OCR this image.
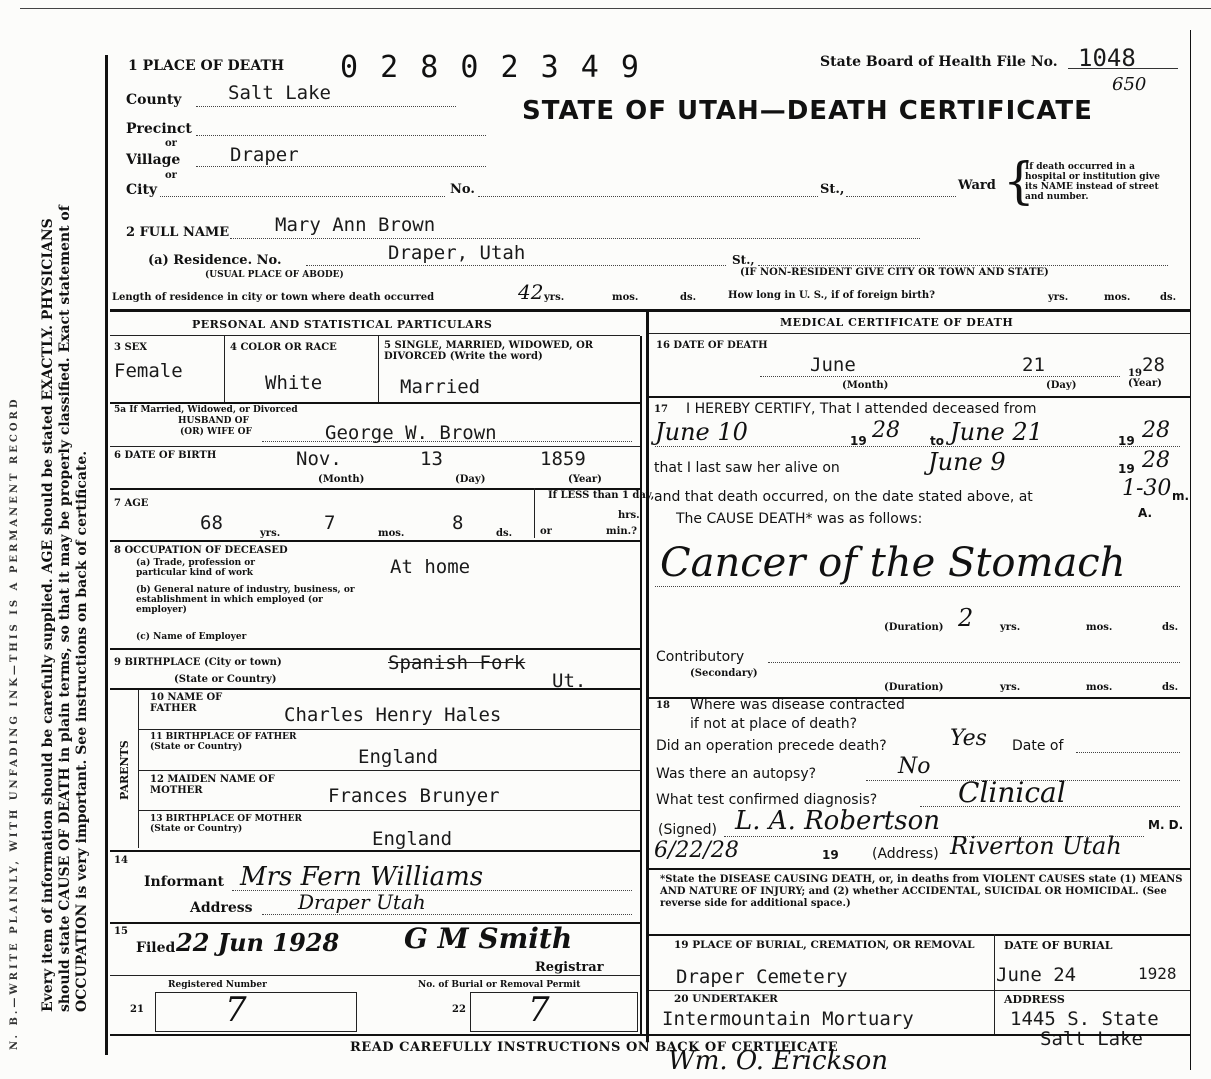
N. B.—WRITE PLAINLY, WITH UNFADING INK—THIS IS A PERMANENT RECORD Every item of information should be carefully supplied. AGE should be stated EXACTLY. PHYSICIANS should state CAUSE OF DEATH in plain terms, so that it may be properly classified. Exact statement of OCCUPATION is very important. See instructions on back of certificate.
1 PLACE OF DEATH 0 2 8 0 2 3 4 9	State Board of Health File No. 1048
650
STATE OF UTAH—DEATH CERTIFICATE
County Salt Lake
Precinct
or
Village	Draper
or
City	No.	St.,	Ward {
If death occurred in a hospital or institution give its NAME instead of street and number.
2 FULL NAME Mary Ann Brown
(a) Residence. No.
(USUAL PLACE OF ABODE)
Draper, Utah	St.,
(IF NON-RESIDENT GIVE CITY OR TOWN AND STATE)
Length of residence in city or town where death occurred	42 yrs.	mos.	ds.	How long in U. S., if of foreign birth?	yrs.	mos.	ds.
PERSONAL AND STATISTICAL PARTICULARS
3 SEX
Female
4 COLOR OR RACE
White
5 SINGLE, MARRIED, WIDOWED, OR DIVORCED (Write the word)
Married
5a If Married, Widowed, or Divorced
HUSBAND OF
(OR) WIFE OF	George W. Brown
6 DATE OF BIRTH	Nov.	13	1859
(Month)	(Day)	(Year)
7 AGE
68	yrs. 7	mos.	8	ds.
If LESS than 1 day,
hrs.
or	min.?
8 OCCUPATION OF DECEASED
(a) Trade, profession or particular kind of work
(b) General nature of industry, business, or establishment in which employed (or employer)
(c) Name of Employer
At home
9 BIRTHPLACE (City or town)
(State or Country)
Spanish Fork
Ut.
PARENTS
10 NAME OF FATHER	Charles Henry Hales
11 BIRTHPLACE OF FATHER (State or Country)	England
12 MAIDEN NAME OF MOTHER	Frances Brunyer
13 BIRTHPLACE OF MOTHER (State or Country)	England
14
Informant Mrs Fern Williams
Address Draper Utah
15
Filed 22 Jun 1928 G M Smith
Registrar
Registered Number	No. of Burial or Removal Permit
21 7	22 7
MEDICAL CERTIFICATE OF DEATH
16 DATE OF DEATH
June	21	19 28
(Month)	(Day)	(Year)
17 I HEREBY CERTIFY, That I attended deceased from
June 10	19 28	to June 21	19 28
that I last saw her alive on	June 9	19 28
and that death occurred, on the date stated above, at	1-30 m.
A.
The CAUSE DEATH* was as follows:
Cancer of the Stomach
(Duration) 2	yrs.	mos.	ds.
Contributory
(Secondary)
(Duration)	yrs.	mos.	ds.
18 Where was disease contracted
if not at place of death?
Did an operation precede death?	Yes Date of
Was there an autopsy?	No
What test confirmed diagnosis?	Clinical
(Signed) L. A. Robertson	M. D.
6/22/28	19 (Address) Riverton Utah
*State the DISEASE CAUSING DEATH, or, in deaths from VIOLENT CAUSES state (1) MEANS AND NATURE OF INJURY; and (2) whether ACCIDENTAL, SUICIDAL OR HOMICIDAL. (See reverse side for additional space.)
19 PLACE OF BURIAL, CREMATION, OR REMOVAL
Draper Cemetery
DATE OF BURIAL
June 24	1928
20 UNDERTAKER
Intermountain Mortuary
ADDRESS
1445 S. State
Salt Lake
READ CAREFULLY INSTRUCTIONS ON BACK OF CERTIFICATE
Wm. O. Erickson
